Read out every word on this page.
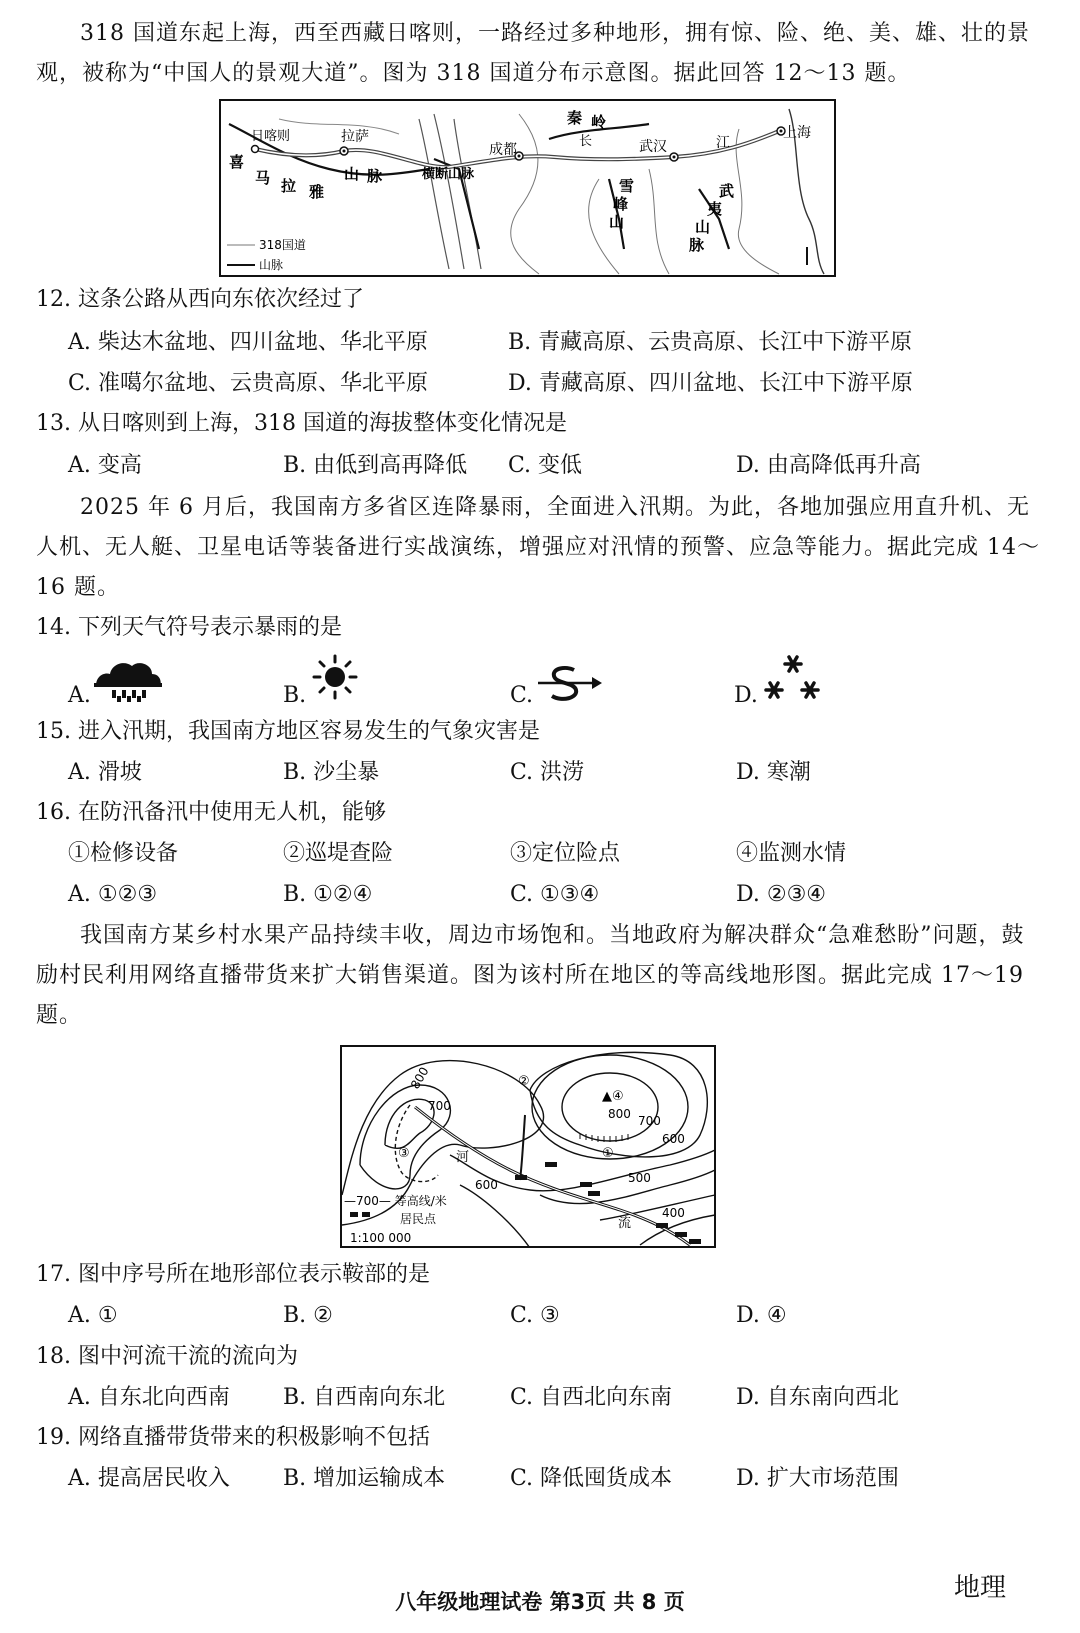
318 国道东起上海，西至西藏日喀则，一路经过多种地形，拥有惊、险、绝、美、雄、壮的景观，被称为“中国人的景观大道”。图为 318 国道分布示意图。据此回答 12～13 题。
日喀则	拉萨
成都	武汉
上海
喜
马 拉 雅
山 脉	横断山脉
秦 岭
长	江
雪
峰
山
武
夷
山
脉
318国道
山脉
12. 这条公路从西向东依次经过了
A. 柴达木盆地、四川盆地、华北平原	B. 青藏高原、云贵高原、长江中下游平原
C. 准噶尔盆地、云贵高原、华北平原	D. 青藏高原、四川盆地、长江中下游平原
13. 从日喀则到上海，318 国道的海拔整体变化情况是
A. 变高	B. 由低到高再降低 C. 变低	D. 由高降低再升高
2025 年 6 月后，我国南方多省区连降暴雨，全面进入汛期。为此，各地加强应用直升机、无人机、无人艇、卫星电话等装备进行实战演练，增强应对汛情的预警、应急等能力。据此完成 14～16 题。
14. 下列天气符号表示暴雨的是
A.	B.	C.	D.
15. 进入汛期，我国南方地区容易发生的气象灾害是
A. 滑坡	B. 沙尘暴	C. 洪涝	D. 寒潮
16. 在防汛备汛中使用无人机，能够
①检修设备	②巡堤查险	③定位险点	④监测水情
A. ①②③	B. ①②④	C. ①③④	D. ②③④
我国南方某乡村水果产品持续丰收，周边市场饱和。当地政府为解决群众“急难愁盼”问题，鼓励村民利用网络直播带货来扩大销售渠道。图为该村所在地区的等高线地形图。据此完成 17～19 题。
800
700
800 700
600
600	500
400
②
▲④
①
③	河
流
—700— 等高线/米
居民点
1:100 000
17. 图中序号所在地形部位表示鞍部的是
A. ①	B. ②	C. ③	D. ④
18. 图中河流干流的流向为
A. 自东北向西南 B. 自西南向东北	C. 自西北向东南	D. 自东南向西北
19. 网络直播带货带来的积极影响不包括
A. 提高居民收入 B. 增加运输成本	C. 降低囤货成本	D. 扩大市场范围
地理
八年级地理试卷 第3页 共 8 页
